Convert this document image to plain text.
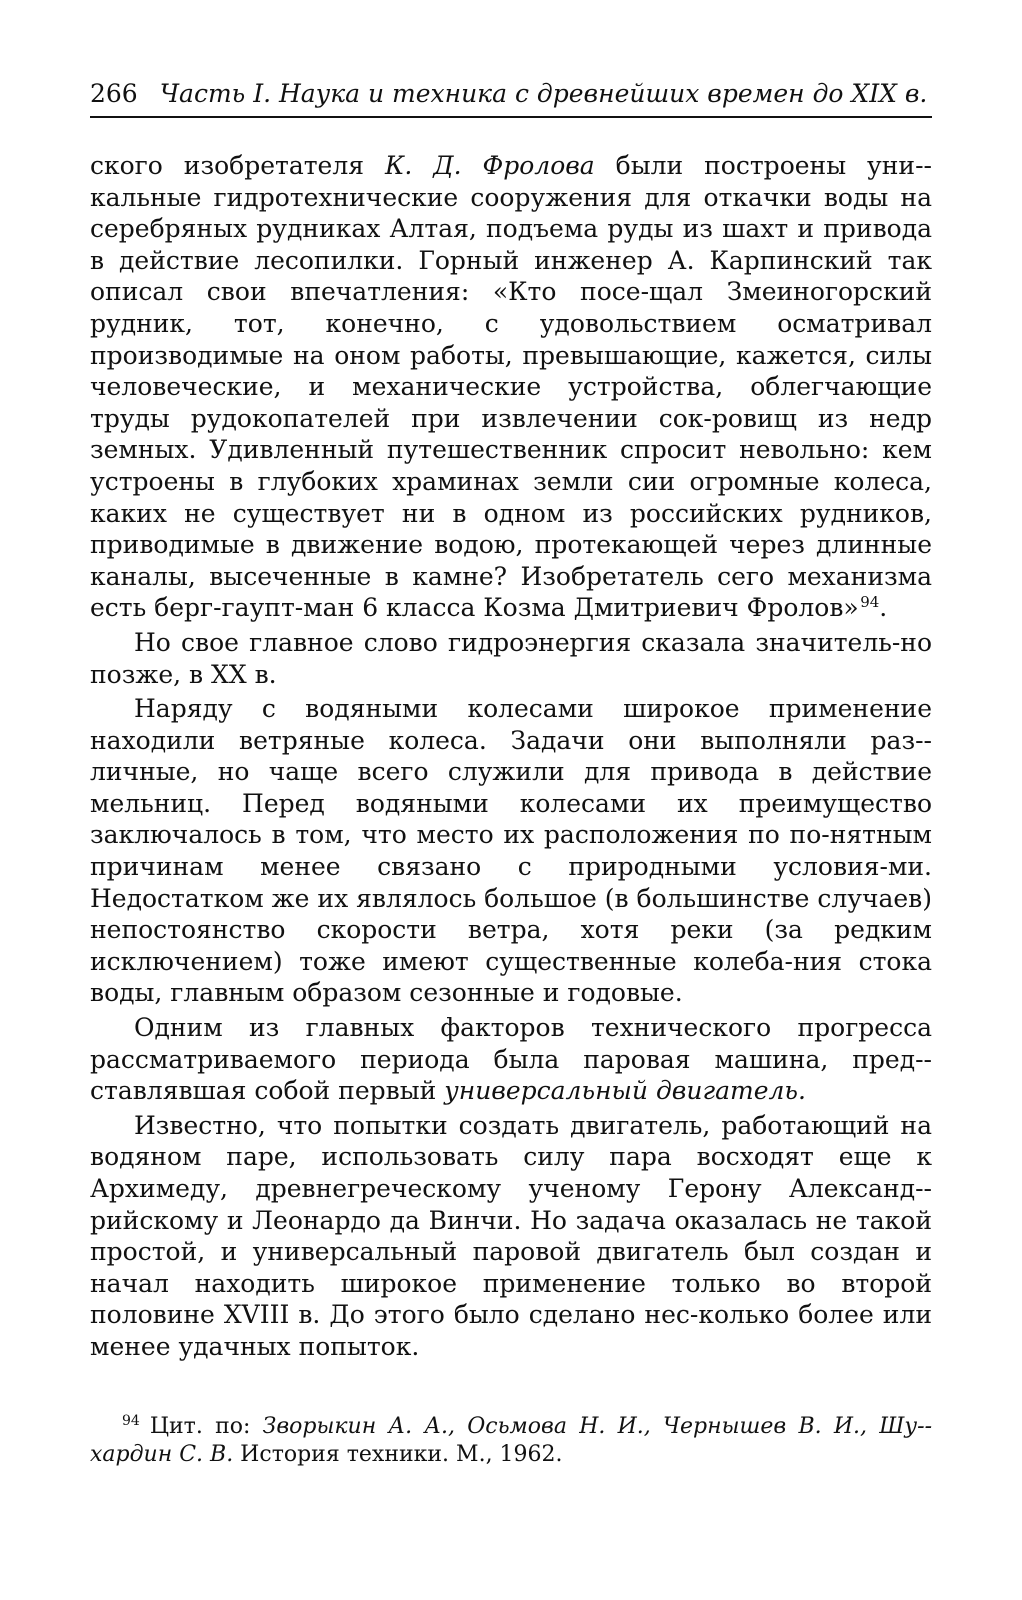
266 Часть I. Наука и техника с древнейших времен до XIX в.

ского изобретателя К. Д. Фролова были построены уни-кальные гидротехнические сооружения для откачки воды на серебряных рудниках Алтая, подъема руды из шахт и привода в действие лесопилки. Горный инженер А. Карпинский так описал свои впечатления: «Кто посе-щал Змеиногорский рудник, тот, конечно, с удовольствием осматривал производимые на оном работы, превышающие, кажется, силы человеческие, и механические устройства, облегчающие труды рудокопателей при извлечении сок-ровищ из недр земных. Удивленный путешественник спросит невольно: кем устроены в глубоких храминах земли сии огромные колеса, каких не существует ни в одном из российских рудников, приводимые в движение водою, протекающей через длинные каналы, высеченные в камне? Изобретатель сего механизма есть берг-гаупт-ман 6 класса Козма Дмитриевич Фролов»  $^{94}$.

Но свое главное слово гидроэнергия сказала значитель-но позже, в XX в.

Наряду с водяными колесами широкое применение находили ветряные колеса. Задачи они выполняли раз-личные, но чаще всего служили для привода в действие мельниц. Перед водяными колесами их преимущество заключалось в том, что место их расположения по по-нятным причинам менее связано с природными условия-ми. Недостатком же их являлось большое (в большинстве случаев) непостоянство скорости ветра, хотя реки (за редким исключением) тоже имеют существенные колеба-ния стока воды, главным образом сезонные и годовые.

Одним из главных факторов технического прогресса рассматриваемого периода была паровая машина, пред-ставлявшая собой первый универсальный двигатель.

Известно, что попытки создать двигатель, работающий на водяном паре, использовать силу пара восходят еще к Архимеду, древнегреческому ученому Герону Александ-рийскому и Леонардо да Винчи. Но задача оказалась не такой простой, и универсальный паровой двигатель был создан и начал находить широкое применение только во второй половине XVIII в. До этого было сделано нес-колько более или менее удачных попыток.

$^{94}$ Цит. по: Зворыкин А. А., Осьмова Н. И., Чернышев В. И., Шу-хардин С. В. История техники. М., 1962.
